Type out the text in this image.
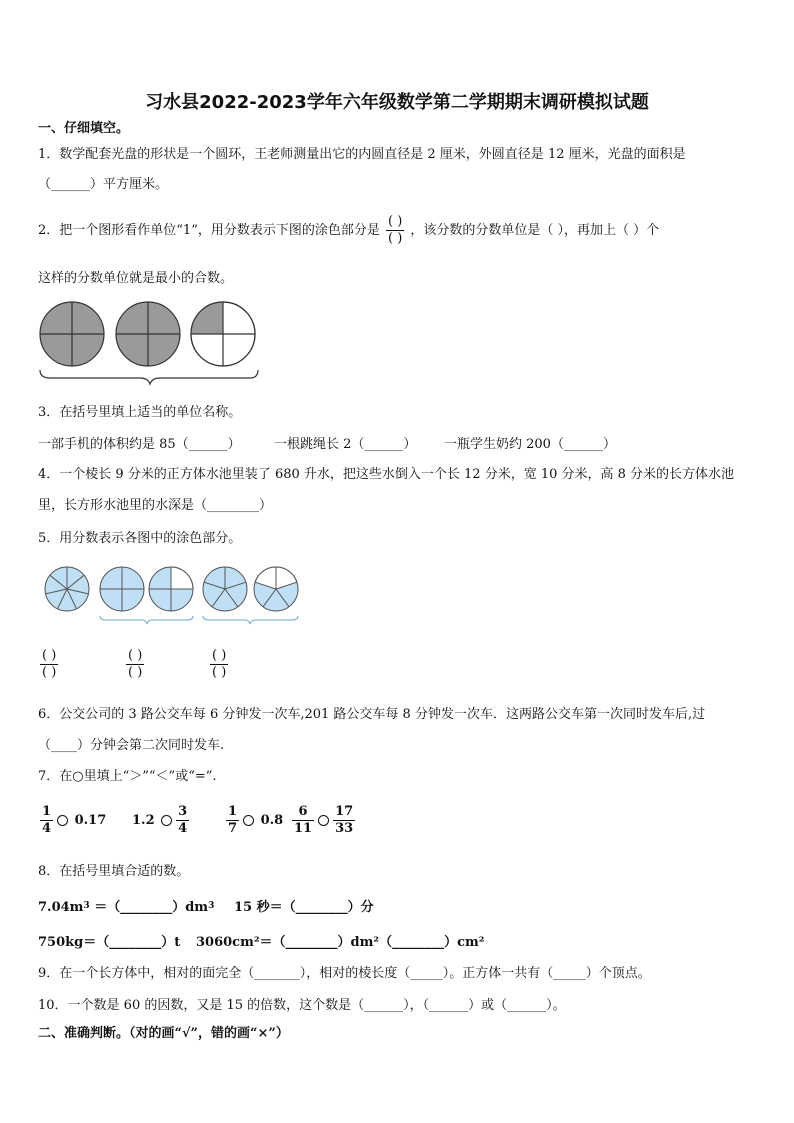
习水县2022-2023学年六年级数学第二学期期末调研模拟试题
一、仔细填空。
1．数学配套光盘的形状是一个圆环，王老师测量出它的内圆直径是 2 厘米，外圆直径是 12 厘米，光盘的面积是
（______）平方厘米。
2．把一个图形看作单位“1”，用分数表示下图的涂色部分是 $\frac{( )}{( )}$ ，该分数的分数单位是（ ），再加上（ ）个
这样的分数单位就是最小的合数。
3．在括号里填上适当的单位名称。
一部手机的体积约是 85（______）	一根跳绳长 2（______） 一瓶学生奶约 200（______）
4．一个棱长 9 分米的正方体水池里装了 680 升水，把这些水倒入一个长 12 分米，宽 10 分米，高 8 分米的长方体水池
里，长方形水池里的水深是（________）
5．用分数表示各图中的涂色部分。
$\frac{( )}{( )}$	$\frac{( )}{( )}$	$\frac{( )}{( )}$
6．公交公司的 3 路公交车每 6 分钟发一次车,201 路公交车每 8 分钟发一次车．这两路公交车第一次同时发车后,过
（____）分钟会第二次同时发车.
7．在○里填上“＞”“＜”或“=”.
$\frac{1}{4} 0.17$ $1.2 \frac{3}{4}$	$\frac{1}{7} 0.8 \frac{6}{11} \frac{17}{33}$
8．在括号里填合适的数。
$7.04m^3$ $=(\_\_\_\_\_\_\_\_)dm^3$ 15 秒＝（________）分
750kg＝（________）t 3060cm²＝（________）dm²（________）cm²
9．在一个长方体中，相对的面完全（_______），相对的棱长度（_____）。正方体一共有（_____）个顶点。
10．一个数是 60 的因数，又是 15 的倍数，这个数是（______），（______）或（______）。
二、准确判断。（对的画“√”，错的画“×”）
